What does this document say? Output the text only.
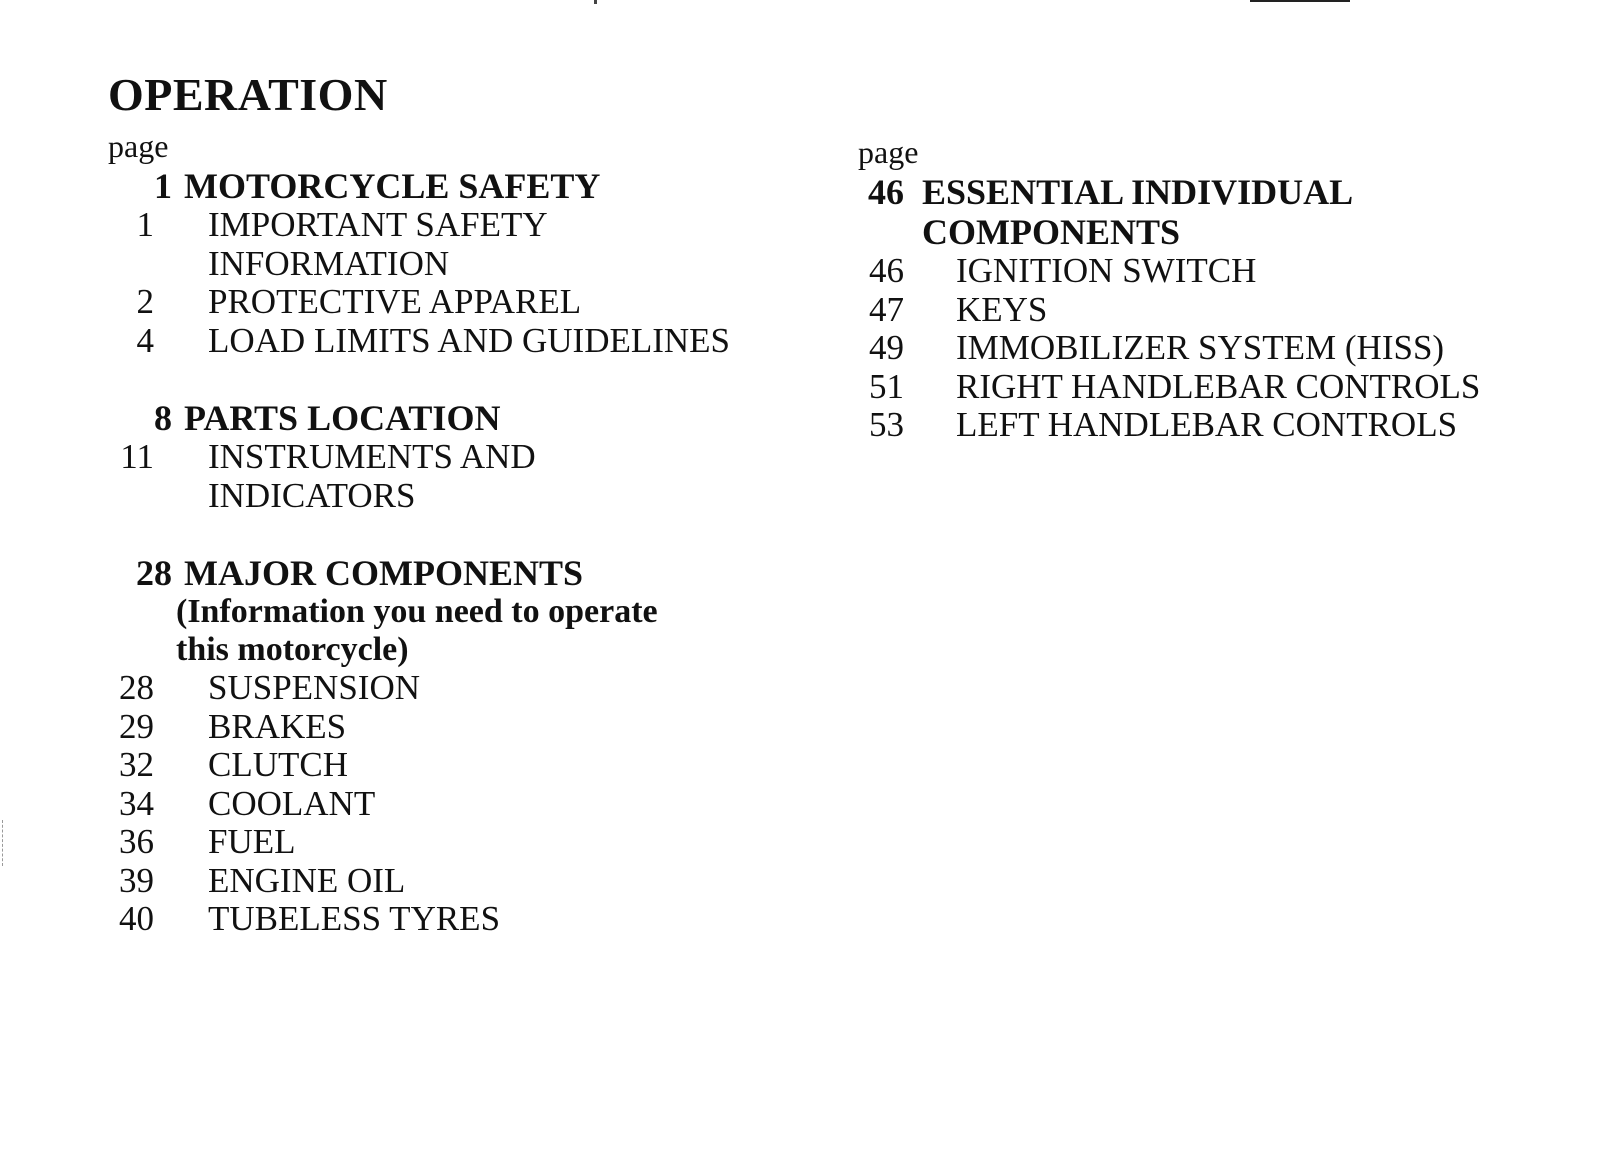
OPERATION
page
1 MOTORCYCLE SAFETY
1	IMPORTANT SAFETY
INFORMATION
2	PROTECTIVE APPAREL
4	LOAD LIMITS AND GUIDELINES
8 PARTS LOCATION
11	INSTRUMENTS AND
INDICATORS
28 MAJOR COMPONENTS
(Information you need to operate
this motorcycle)
28	SUSPENSION
29	BRAKES
32	CLUTCH
34	COOLANT
36	FUEL
39	ENGINE OIL
40	TUBELESS TYRES
page
46 ESSENTIAL INDIVIDUAL
COMPONENTS
46	IGNITION SWITCH
47	KEYS
49	IMMOBILIZER SYSTEM (HISS)
51	RIGHT HANDLEBAR CONTROLS
53	LEFT HANDLEBAR CONTROLS
